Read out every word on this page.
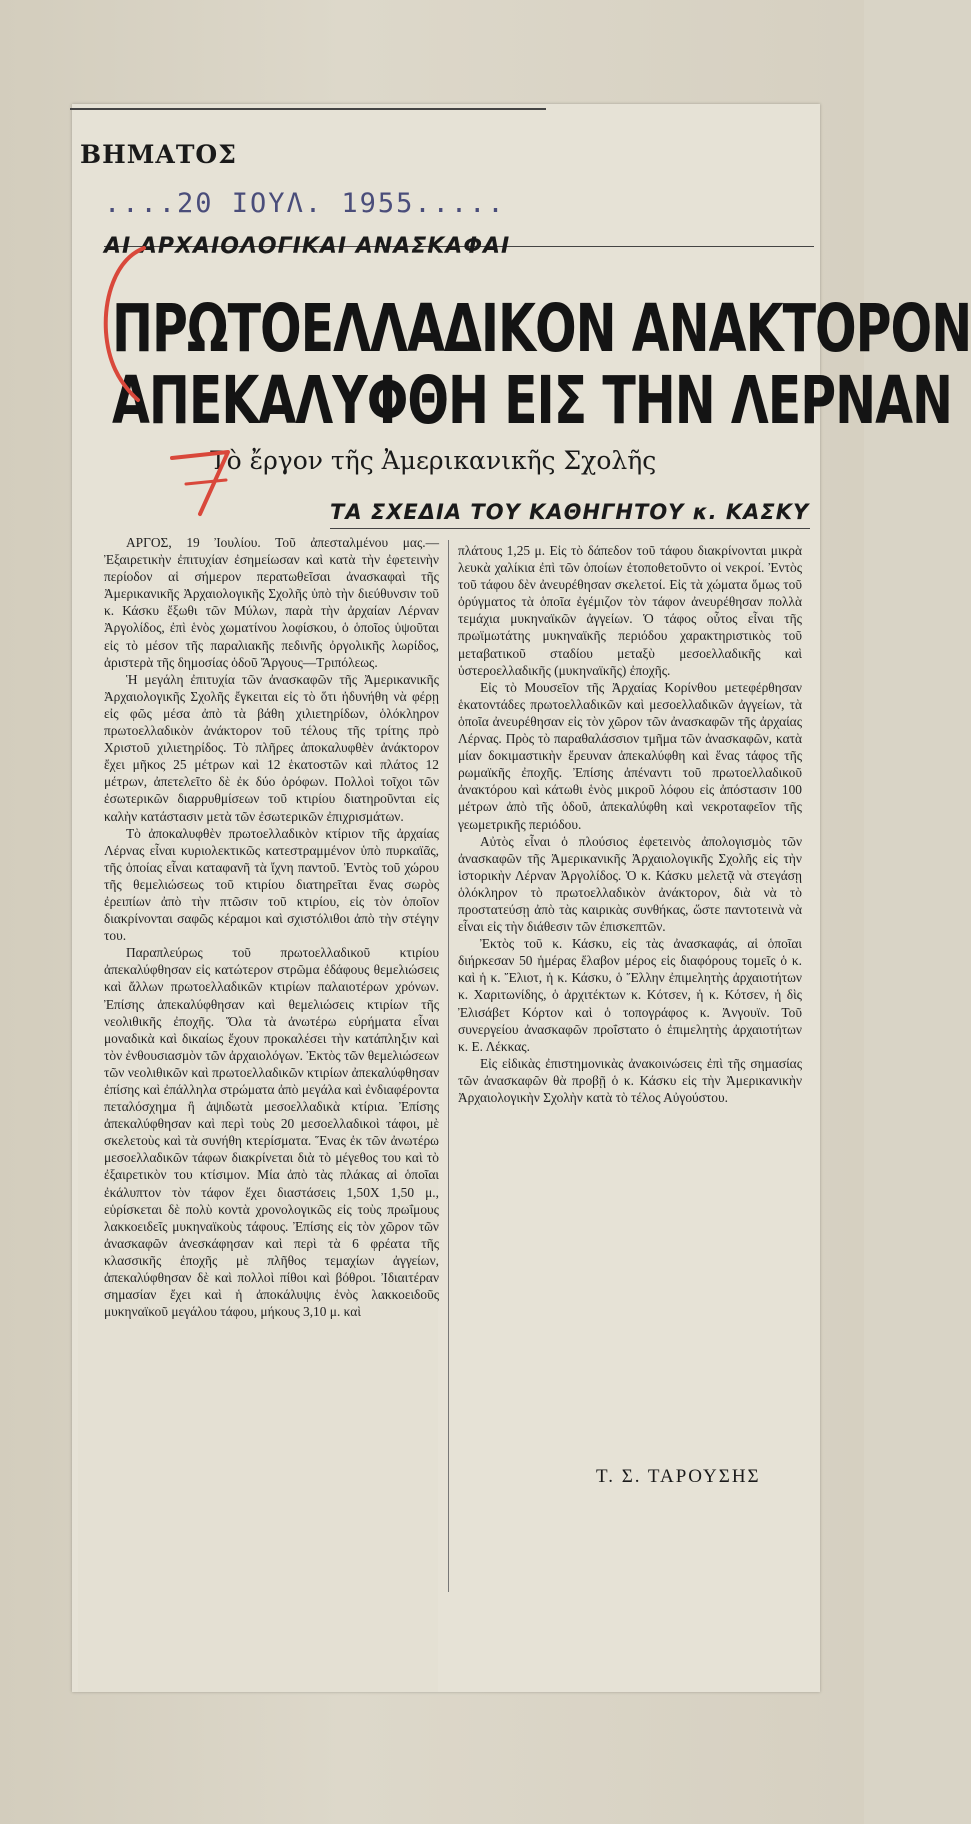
ΒΗΜΑΤΟΣ
....20 ΙΟΥΛ. 1955.....
ΑΙ ΑΡΧΑΙΟΛΟΓΙΚΑΙ ΑΝΑΣΚΑΦΑΙ
ΠΡΩΤΟΕΛΛΑΔΙΚΟΝ ΑΝΑΚΤΟΡΟΝ
ΑΠΕΚΑΛΥΦΘΗ ΕΙΣ ΤΗΝ ΛΕΡΝΑΝ
Τὸ ἔργον τῆς Ἀμερικανικῆς Σχολῆς
ΤΑ ΣΧΕΔΙΑ ΤΟΥ ΚΑΘΗΓΗΤΟΥ κ. ΚΑΣΚΥ

ΑΡΓΟΣ, 19 Ἰουλίου. Τοῦ ἀπεσταλμένου μας.— Ἐξαιρετικὴν ἐπιτυχίαν ἐσημείωσαν καὶ κατὰ τὴν ἐφετεινὴν περίοδον αἱ σήμερον περατωθεῖσαι ἀνασκαφαὶ τῆς Ἀμερικανικῆς Ἀρχαιολογικῆς Σχολῆς ὑπὸ τὴν διεύθυνσιν τοῦ κ. Κάσκυ ἔξωθι τῶν Μύλων, παρὰ τὴν ἀρχαίαν Λέρναν Ἀργολίδος, ἐπὶ ἑνὸς χωματίνου λοφίσκου, ὁ ὁποῖος ὑψοῦται εἰς τὸ μέσον τῆς παραλιακῆς πεδινῆς ὀργολικῆς λωρίδος, ἀριστερὰ τῆς δημοσίας ὁδοῦ Ἄργους—Τριπόλεως.

Ἡ μεγάλη ἐπιτυχία τῶν ἀνασκαφῶν τῆς Ἀμερικανικῆς Ἀρχαιολογικῆς Σχολῆς ἔγκειται εἰς τὸ ὅτι ἠδυνήθη νὰ φέρῃ εἰς φῶς μέσα ἀπὸ τὰ βάθη χιλιετηρίδων, ὁλόκληρον πρωτοελλαδικὸν ἀνάκτορον τοῦ τέλους τῆς τρίτης πρὸ Χριστοῦ χιλιετηρίδος. Τὸ πλῆρες ἀποκαλυφθὲν ἀνάκτορον ἔχει μῆκος 25 μέτρων καὶ 12 ἑκατοστῶν καὶ πλάτος 12 μέτρων, ἀπετελεῖτο δὲ ἐκ δύο ὀρόφων. Πολλοὶ τοῖχοι τῶν ἐσωτερικῶν διαρρυθμίσεων τοῦ κτιρίου διατηροῦνται εἰς καλὴν κατάστασιν μετὰ τῶν ἐσωτερικῶν ἐπιχρισμάτων.

Τὸ ἀποκαλυφθὲν πρωτοελλαδικὸν κτίριον τῆς ἀρχαίας Λέρνας εἶναι κυριολεκτικῶς κατεστραμμένον ὑπὸ πυρκαϊᾶς, τῆς ὁποίας εἶναι καταφανῆ τὰ ἴχνη παντοῦ. Ἐντὸς τοῦ χώρου τῆς θεμελιώσεως τοῦ κτιρίου διατηρεῖται ἕνας σωρὸς ἐρειπίων ἀπὸ τὴν πτῶσιν τοῦ κτιρίου, εἰς τὸν ὁποῖον διακρίνονται σαφῶς κέραμοι καὶ σχιστόλιθοι ἀπὸ τὴν στέγην του.

Παραπλεύρως τοῦ πρωτοελλαδικοῦ κτιρίου ἀπεκαλύφθησαν εἰς κατώτερον στρῶμα ἐδάφους θεμελιώσεις καὶ ἄλλων πρωτοελλαδικῶν κτιρίων παλαιοτέρων χρόνων. Ἐπίσης ἀπεκαλύφθησαν καὶ θεμελιώσεις κτιρίων τῆς νεολιθικῆς ἐποχῆς. Ὅλα τὰ ἀνωτέρω εὑρήματα εἶναι μοναδικὰ καὶ δικαίως ἔχουν προκαλέσει τὴν κατάπληξιν καὶ τὸν ἐνθουσιασμὸν τῶν ἀρχαιολόγων. Ἐκτὸς τῶν θεμελιώσεων τῶν νεολιθικῶν καὶ πρωτοελλαδικῶν κτιρίων ἀπεκαλύφθησαν ἐπίσης καὶ ἐπάλληλα στρώματα ἀπὸ μεγάλα καὶ ἐνδιαφέροντα πεταλόσχημα ἢ ἀψιδωτὰ μεσοελλαδικὰ κτίρια. Ἐπίσης ἀπεκαλύφθησαν καὶ περὶ τοὺς 20 μεσοελλαδικοὶ τάφοι, μὲ σκελετοὺς καὶ τὰ συνήθη κτερίσματα. Ἕνας ἐκ τῶν ἀνωτέρω μεσοελλαδικῶν τάφων διακρίνεται διὰ τὸ μέγεθος του καὶ τὸ ἐξαιρετικὸν του κτίσιμον. Μία ἀπὸ τὰς πλάκας αἱ ὁποῖαι ἐκάλυπτον τὸν τάφον ἔχει διαστάσεις 1,50Χ 1,50 μ., εὑρίσκεται δὲ πολὺ κοντὰ χρονολογικῶς εἰς τοὺς πρωΐμους λακκοειδεῖς μυκηναϊκοὺς τάφους. Ἐπίσης εἰς τὸν χῶρον τῶν ἀνασκαφῶν ἀνεσκάφησαν καὶ περὶ τὰ 6 φρέατα τῆς κλασσικῆς ἐποχῆς μὲ πλῆθος τεμαχίων ἀγγείων, ἀπεκαλύφθησαν δὲ καὶ πολλοὶ πίθοι καὶ βόθροι. Ἰδιαιτέραν σημασίαν ἔχει καὶ ἡ ἀποκάλυψις ἑνὸς λακκοειδοῦς μυκηναϊκοῦ μεγάλου τάφου, μήκους 3,10 μ. καὶ

πλάτους 1,25 μ. Εἰς τὸ δάπεδον τοῦ τάφου διακρίνονται μικρὰ λευκὰ χαλίκια ἐπὶ τῶν ὁποίων ἐτοποθετοῦντο οἱ νεκροί. Ἐντὸς τοῦ τάφου δὲν ἀνευρέθησαν σκελετοί. Εἰς τὰ χώματα ὅμως τοῦ ὀρύγματος τὰ ὁποῖα ἐγέμιζον τὸν τάφον ἀνευρέθησαν πολλὰ τεμάχια μυκηναϊκῶν ἀγγείων. Ὁ τάφος οὗτος εἶναι τῆς πρωϊμωτάτης μυκηναϊκῆς περιόδου χαρακτηριστικὸς τοῦ μεταβατικοῦ σταδίου μεταξὺ μεσοελλαδικῆς καὶ ὑστεροελλαδικῆς (μυκηναϊκῆς) ἐποχῆς.

Εἰς τὸ Μουσεῖον τῆς Ἀρχαίας Κορίνθου μετεφέρθησαν ἑκατοντάδες πρωτοελλαδικῶν καὶ μεσοελλαδικῶν ἀγγείων, τὰ ὁποῖα ἀνευρέθησαν εἰς τὸν χῶρον τῶν ἀνασκαφῶν τῆς ἀρχαίας Λέρνας. Πρὸς τὸ παραθαλάσσιον τμῆμα τῶν ἀνασκαφῶν, κατὰ μίαν δοκιμαστικὴν ἔρευναν ἀπεκαλύφθη καὶ ἕνας τάφος τῆς ρωμαϊκῆς ἐποχῆς. Ἐπίσης ἀπέναντι τοῦ πρωτοελλαδικοῦ ἀνακτόρου καὶ κάτωθι ἑνὸς μικροῦ λόφου εἰς ἀπόστασιν 100 μέτρων ἀπὸ τῆς ὁδοῦ, ἀπεκαλύφθη καὶ νεκροταφεῖον τῆς γεωμετρικῆς περιόδου.

Αὐτὸς εἶναι ὁ πλούσιος ἐφετεινὸς ἀπολογισμὸς τῶν ἀνασκαφῶν τῆς Ἀμερικανικῆς Ἀρχαιολογικῆς Σχολῆς εἰς τὴν ἱστορικὴν Λέρναν Ἀργολίδος. Ὁ κ. Κάσκυ μελετᾷ νὰ στεγάσῃ ὁλόκληρον τὸ πρωτοελλαδικὸν ἀνάκτορον, διὰ νὰ τὸ προστατεύσῃ ἀπὸ τὰς καιρικὰς συνθήκας, ὥστε παντοτεινὰ νὰ εἶναι εἰς τὴν διάθεσιν τῶν ἐπισκεπτῶν.

Ἐκτὸς τοῦ κ. Κάσκυ, εἰς τὰς ἀνασκαφάς, αἱ ὁποῖαι διήρκεσαν 50 ἡμέρας ἔλαβον μέρος εἰς διαφόρους τομεῖς ὁ κ. καὶ ἡ κ. Ἔλιοτ, ἡ κ. Κάσκυ, ὁ Ἕλλην ἐπιμελητὴς ἀρχαιοτήτων κ. Χαριτωνίδης, ὁ ἀρχιτέκτων κ. Κότσεν, ἡ κ. Κότσεν, ἡ δὶς Ἐλισάβετ Κόρτον καὶ ὁ τοπογράφος κ. Ἀνγουϊν. Τοῦ συνεργείου ἀνασκαφῶν προΐστατο ὁ ἐπιμελητὴς ἀρχαιοτήτων κ. Ε. Λέκκας.

Εἰς εἰδικὰς ἐπιστημονικὰς ἀνακοινώσεις ἐπὶ τῆς σημασίας τῶν ἀνασκαφῶν θὰ προβῇ ὁ κ. Κάσκυ εἰς τὴν Ἀμερικανικὴν Ἀρχαιολογικὴν Σχολὴν κατὰ τὸ τέλος Αὐγούστου.

Τ. Σ. ΤΑΡΟΥΣΗΣ
